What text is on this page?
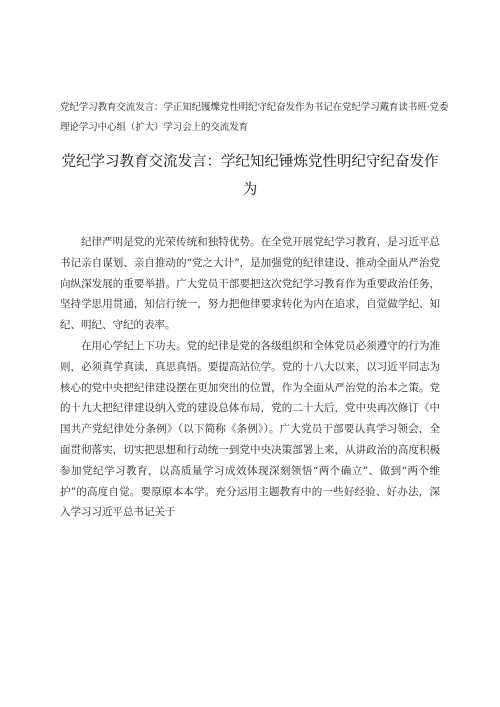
党纪学习教育交流发言：学正知纪镬爍党性明纪守纪奋发作为书记在党纪学习戴育读书班·党委理论学习中心组（扩大）学习会上的交流发育
党纪学习教育交流发言：学纪知纪锤炼党性明纪守纪奋发作为

纪律严明是党的光荣传统和独特优势。在全党开展党纪学习教育，是习近平总书记亲自谋划、亲自推动的“党之大计”，是加强党的纪律建设、推动全面从严治党向纵深发展的重要举措。广大党员干部要把这次党纪学习教育作为重要政治任务，坚持学思用贯通，知信行统一，努力把他律要求转化为内在追求，自觉做学纪、知纪、明纪、守纪的表率。

在用心学纪上下功夫。党的纪律是党的各级组织和全体党员必须遵守的行为准则，必须真学真读，真思真悟。要提高站位学。党的十八大以来，以习近平同志为核心的党中央把纪律建设摆在更加突出的位置，作为全面从严治党的治本之策。党的十九大把纪律建设纳入党的建设总体布局，党的二十大后，党中央再次修订《中国共产党纪律处分条例》（以下简称《条例》）。广大党员干部要认真学习领会，全面贯彻落实，切实把思想和行动统一到党中央决策部署上来，从讲政治的高度积极参加党纪学习教育，以高质量学习成效体现深刻领悟“两个确立”、做到“两个维护”的高度自觉。要原原本本学。充分运用主题教育中的一些好经验、好办法，深入学习习近平总书记关于
